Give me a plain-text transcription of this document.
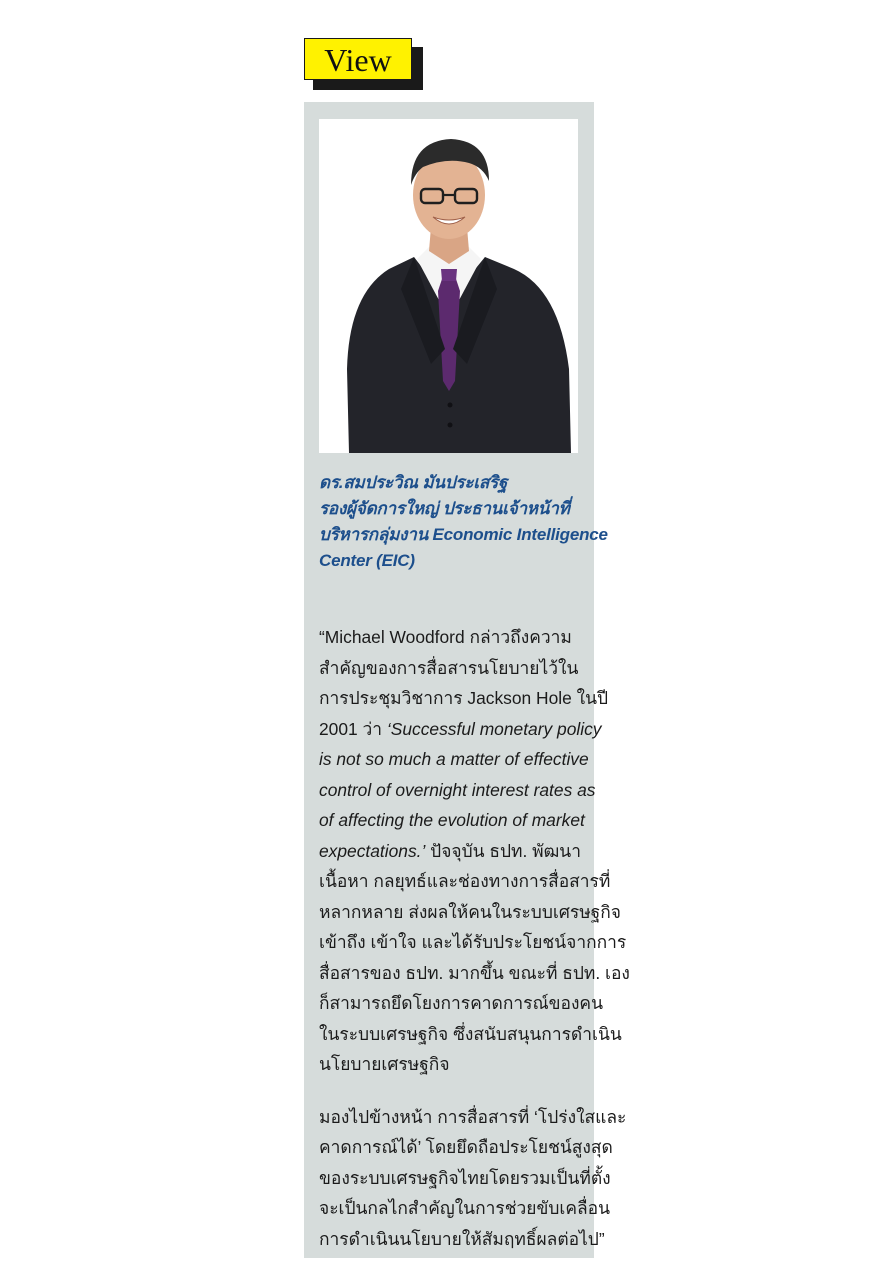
View
ดร.สมประวิณ มันประเสริฐ
รองผู้จัดการใหญ่ ประธานเจ้าหน้าที่
บริหารกลุ่มงาน Economic Intelligence
Center (EIC)
“Michael Woodford กล่าวถึงความ
สำคัญของการสื่อสารนโยบายไว้ใน
การประชุมวิชาการ Jackson Hole ในปี
2001 ว่า ‘Successful monetary policy
is not so much a matter of effective
control of overnight interest rates as
of affecting the evolution of market
expectations.’ ปัจจุบัน ธปท. พัฒนา
เนื้อหา กลยุทธ์และช่องทางการสื่อสารที่
หลากหลาย ส่งผลให้คนในระบบเศรษฐกิจ
เข้าถึง เข้าใจ และได้รับประโยชน์จากการ
สื่อสารของ ธปท. มากขึ้น ขณะที่ ธปท. เอง
ก็สามารถยึดโยงการคาดการณ์ของคน
ในระบบเศรษฐกิจ ซึ่งสนับสนุนการดำเนิน
นโยบายเศรษฐกิจ
มองไปข้างหน้า การสื่อสารที่ ‘โปร่งใสและ
คาดการณ์ได้’ โดยยึดถือประโยชน์สูงสุด
ของระบบเศรษฐกิจไทยโดยรวมเป็นที่ตั้ง
จะเป็นกลไกสำคัญในการช่วยขับเคลื่อน
การดำเนินนโยบายให้สัมฤทธิ์ผลต่อไป”
